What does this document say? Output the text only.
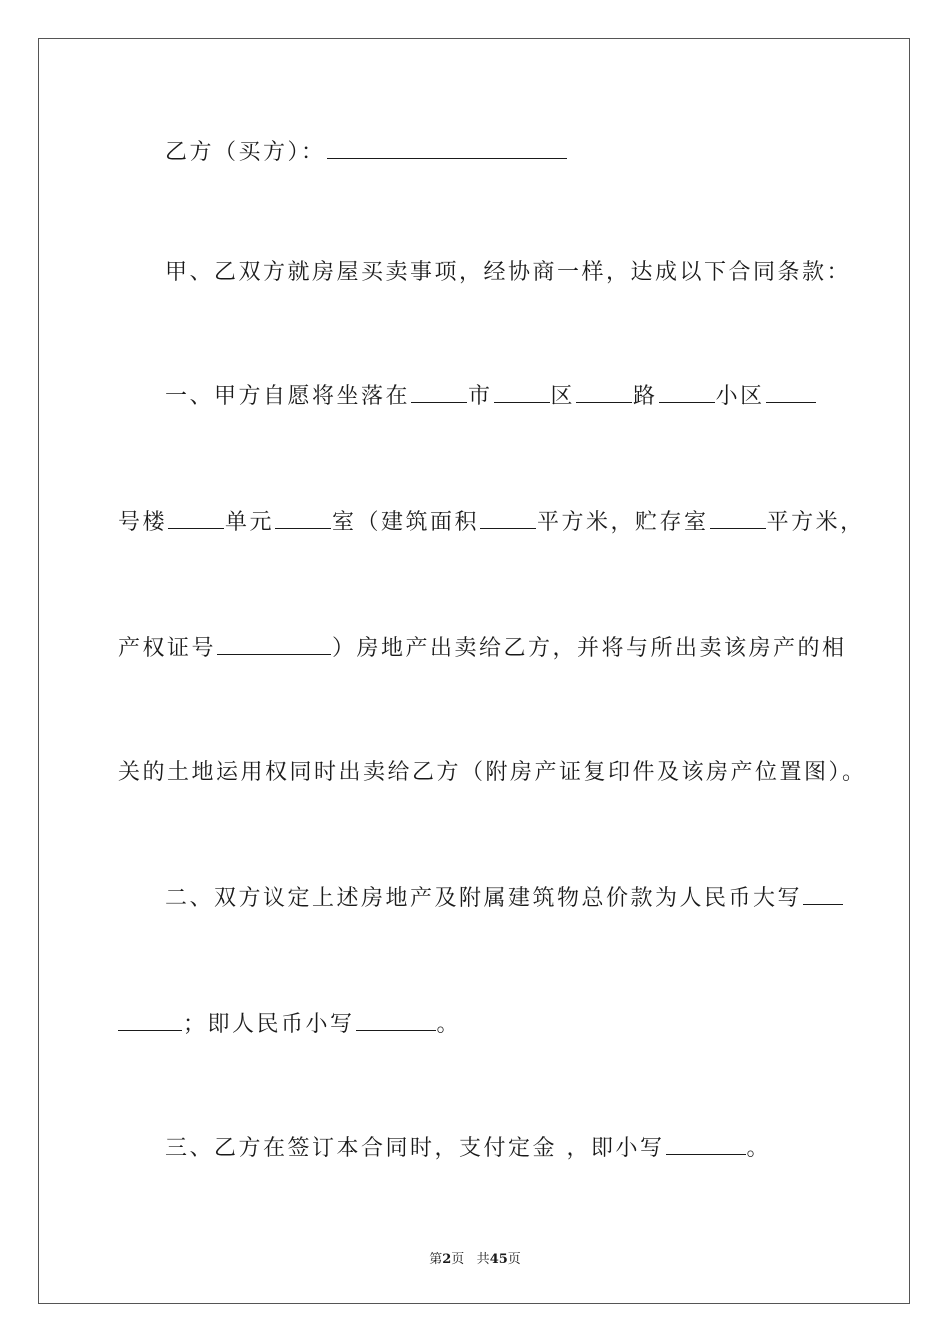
乙方（买方）：
甲、乙双方就房屋买卖事项，经协商一样，达成以下合同条款：
一、甲方自愿将坐落在	市	区	路	小区
号楼	单元	室（建筑面积	平方米，贮存室	平方米，
产权证号	）房地产出卖给乙方，并将与所出卖该房产的相
关的土地运用权同时出卖给乙方（附房产证复印件及该房产位置图）。
二、双方议定上述房地产及附属建筑物总价款为人民币大写
；即人民币小写	。
三、乙方在签订本合同时，支付定金 ，即小写	。
第2页 共45页
